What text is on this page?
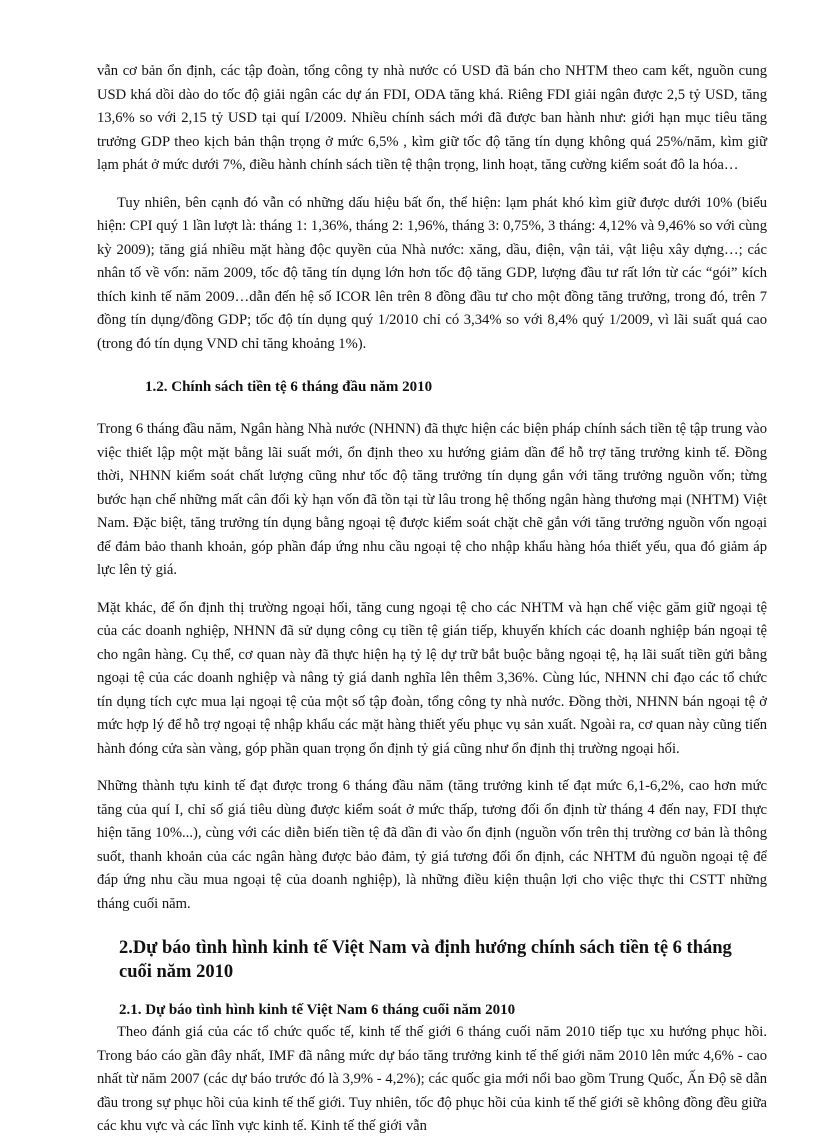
vẫn cơ bản ổn định, các tập đoàn, tổng công ty nhà nước có USD đã bán cho NHTM theo cam kết, nguồn cung USD khá dồi dào do tốc độ giải ngân các dự án FDI, ODA tăng khá. Riêng FDI giải ngân được 2,5 tỷ USD, tăng 13,6% so với 2,15 tỷ USD tại quí I/2009. Nhiều chính sách mới đã được ban hành như: giới hạn mục tiêu tăng trưởng GDP theo kịch bản thận trọng ở mức 6,5% , kìm giữ tốc độ tăng tín dụng không quá 25%/năm, kìm giữ lạm phát ở mức dưới 7%, điều hành chính sách tiền tệ thận trọng, linh hoạt, tăng cường kiểm soát đô la hóa…

Tuy nhiên, bên cạnh đó vẫn có những dấu hiệu bất ổn, thể hiện: lạm phát khó kìm giữ được dưới 10% (biểu hiện: CPI quý 1 lần lượt là: tháng 1: 1,36%, tháng 2: 1,96%, tháng 3: 0,75%, 3 tháng: 4,12% và 9,46% so với cùng kỳ 2009); tăng giá nhiều mặt hàng độc quyền của Nhà nước: xăng, dầu, điện, vận tải, vật liệu xây dựng…; các nhân tố về vốn: năm 2009, tốc độ tăng tín dụng lớn hơn tốc độ tăng GDP, lượng đầu tư rất lớn từ các “gói” kích thích kinh tế năm 2009…dẫn đến hệ số ICOR lên trên 8 đồng đầu tư cho một đồng tăng trưởng, trong đó, trên 7 đồng tín dụng/đồng GDP; tốc độ tín dụng quý 1/2010 chỉ có 3,34% so với 8,4% quý 1/2009, vì lãi suất quá cao (trong đó tín dụng VND chỉ tăng khoảng 1%).

1.2. Chính sách tiền tệ 6 tháng đầu năm 2010

Trong 6 tháng đầu năm, Ngân hàng Nhà nước (NHNN) đã thực hiện các biện pháp chính sách tiền tệ tập trung vào việc thiết lập một mặt bằng lãi suất mới, ổn định theo xu hướng giảm dần để hỗ trợ tăng trưởng kinh tế. Đồng thời, NHNN kiểm soát chất lượng cũng như tốc độ tăng trưởng tín dụng gắn với tăng trưởng nguồn vốn; từng bước hạn chế những mất cân đối kỳ hạn vốn đã tồn tại từ lâu trong hệ thống ngân hàng thương mại (NHTM) Việt Nam. Đặc biệt, tăng trưởng tín dụng bằng ngoại tệ được kiểm soát chặt chẽ gắn với tăng trưởng nguồn vốn ngoại để đảm bảo thanh khoản, góp phần đáp ứng nhu cầu ngoại tệ cho nhập khẩu hàng hóa thiết yếu, qua đó giảm áp lực lên tỷ giá.

Mặt khác, để ổn định thị trường ngoại hối, tăng cung ngoại tệ cho các NHTM và hạn chế việc găm giữ ngoại tệ của các doanh nghiệp, NHNN đã sử dụng công cụ tiền tệ gián tiếp, khuyến khích các doanh nghiệp bán ngoại tệ cho ngân hàng. Cụ thể, cơ quan này đã thực hiện hạ tỷ lệ dự trữ bắt buộc bằng ngoại tệ, hạ lãi suất tiền gửi bằng ngoại tệ của các doanh nghiệp và nâng tỷ giá danh nghĩa lên thêm 3,36%. Cùng lúc, NHNN chỉ đạo các tổ chức tín dụng tích cực mua lại ngoại tệ của một số tập đoàn, tổng công ty nhà nước. Đồng thời, NHNN bán ngoại tệ ở mức hợp lý để hỗ trợ ngoại tệ nhập khẩu các mặt hàng thiết yếu phục vụ sản xuất. Ngoài ra, cơ quan này cũng tiến hành đóng cửa sàn vàng, góp phần quan trọng ổn định tỷ giá cũng như ổn định thị trường ngoại hối.

Những thành tựu kinh tế đạt được trong 6 tháng đầu năm (tăng trưởng kinh tế đạt mức 6,1-6,2%, cao hơn mức tăng của quí I, chỉ số giá tiêu dùng được kiểm soát ở mức thấp, tương đối ổn định từ tháng 4 đến nay, FDI thực hiện tăng 10%...), cùng với các diễn biến tiền tệ đã dần đi vào ổn định (nguồn vốn trên thị trường cơ bản là thông suốt, thanh khoản của các ngân hàng được bảo đảm, tỷ giá tương đối ổn định, các NHTM đủ nguồn ngoại tệ để đáp ứng nhu cầu mua ngoại tệ của doanh nghiệp), là những điều kiện thuận lợi cho việc thực thi CSTT những tháng cuối năm.

2.Dự báo tình hình kinh tế Việt Nam và định hướng chính sách tiền tệ 6 tháng cuối năm 2010
2.1. Dự báo tình hình kinh tế Việt Nam 6 tháng cuối năm 2010

Theo đánh giá của các tổ chức quốc tế, kinh tế thế giới 6 tháng cuối năm 2010 tiếp tục xu hướng phục hồi. Trong báo cáo gần đây nhất, IMF đã nâng mức dự báo tăng trưởng kinh tế thế giới năm 2010 lên mức 4,6% - cao nhất từ năm 2007 (các dự báo trước đó là 3,9% - 4,2%); các quốc gia mới nổi bao gồm Trung Quốc, Ấn Độ sẽ dẫn đầu trong sự phục hồi của kinh tế thế giới. Tuy nhiên, tốc độ phục hồi của kinh tế thế giới sẽ không đồng đều giữa các khu vực và các lĩnh vực kinh tế. Kinh tế thế giới vẫn
